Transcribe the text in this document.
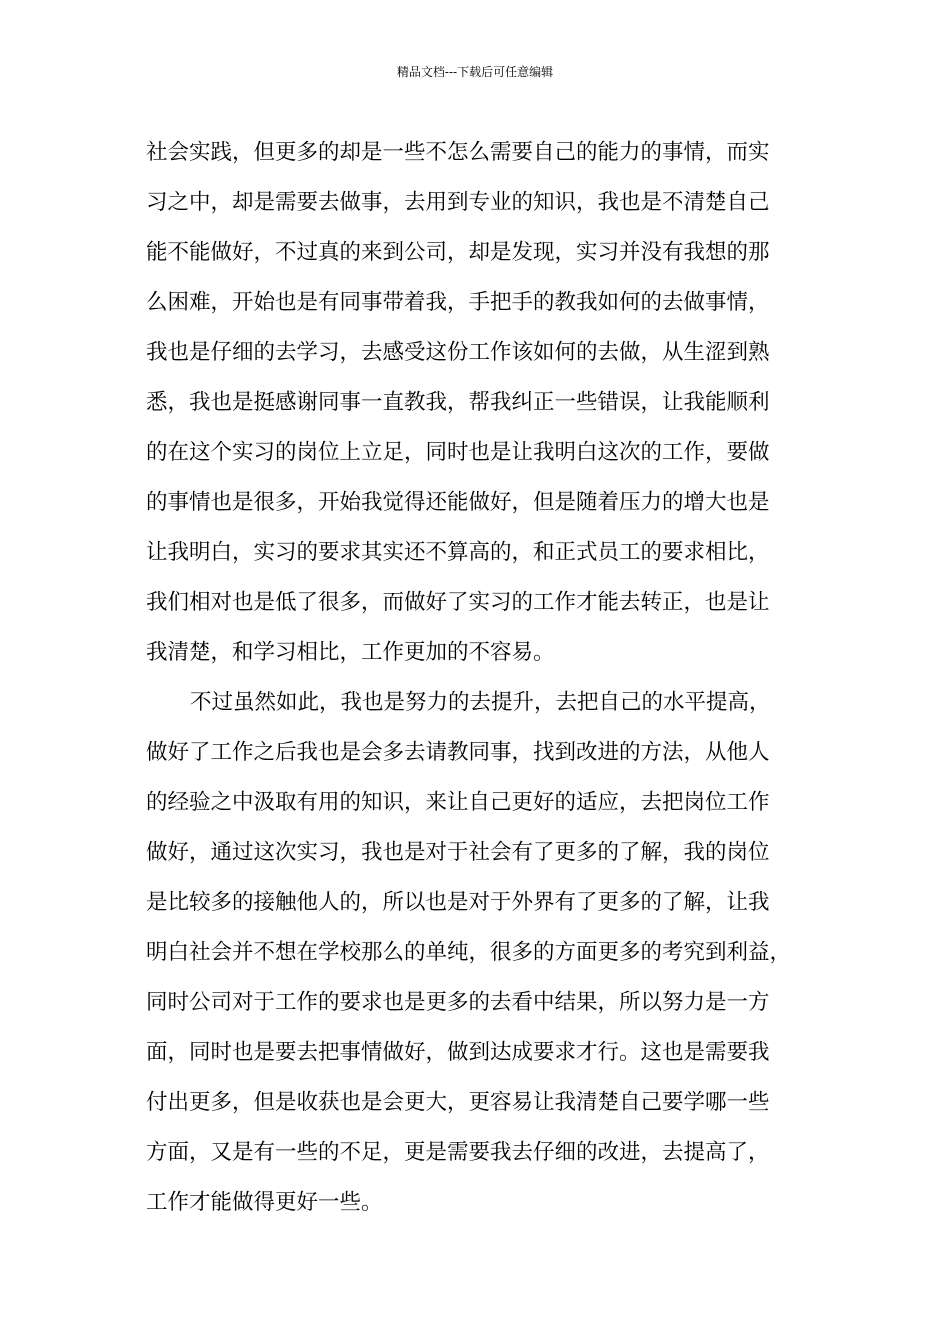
精品文档---下载后可任意编辑
社会实践，但更多的却是一些不怎么需要自己的能力的事情，而实
习之中，却是需要去做事，去用到专业的知识，我也是不清楚自己
能不能做好，不过真的来到公司，却是发现，实习并没有我想的那
么困难，开始也是有同事带着我，手把手的教我如何的去做事情，
我也是仔细的去学习，去感受这份工作该如何的去做，从生涩到熟
悉，我也是挺感谢同事一直教我，帮我纠正一些错误，让我能顺利
的在这个实习的岗位上立足，同时也是让我明白这次的工作，要做
的事情也是很多，开始我觉得还能做好，但是随着压力的增大也是
让我明白，实习的要求其实还不算高的，和正式员工的要求相比，
我们相对也是低了很多，而做好了实习的工作才能去转正，也是让
我清楚，和学习相比，工作更加的不容易。
不过虽然如此，我也是努力的去提升，去把自己的水平提高，
做好了工作之后我也是会多去请教同事，找到改进的方法，从他人
的经验之中汲取有用的知识，来让自己更好的适应，去把岗位工作
做好，通过这次实习，我也是对于社会有了更多的了解，我的岗位
是比较多的接触他人的，所以也是对于外界有了更多的了解，让我
明白社会并不想在学校那么的单纯，很多的方面更多的考究到利益，
同时公司对于工作的要求也是更多的去看中结果，所以努力是一方
面，同时也是要去把事情做好，做到达成要求才行。这也是需要我
付出更多，但是收获也是会更大，更容易让我清楚自己要学哪一些
方面，又是有一些的不足，更是需要我去仔细的改进，去提高了，
工作才能做得更好一些。
